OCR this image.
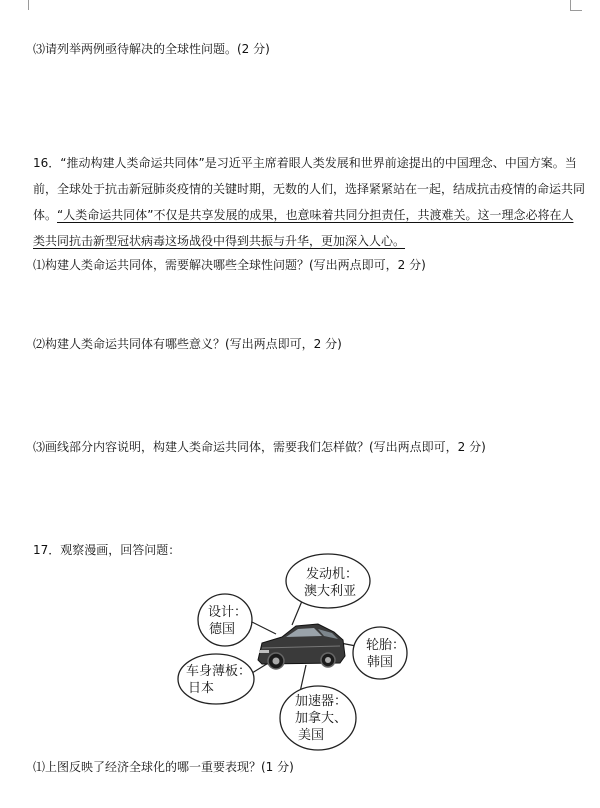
⑶请列举两例亟待解决的全球性问题。(2 分)
16．“推动构建人类命运共同体”是习近平主席着眼人类发展和世界前途提出的中国理念、中国方案。当
前，全球处于抗击新冠肺炎疫情的关键时期，无数的人们，选择紧紧站在一起，结成抗击疫情的命运共同
体。“人类命运共同体”不仅是共享发展的成果，也意味着共同分担责任，共渡难关。这一理念必将在人
类共同抗击新型冠状病毒这场战役中得到共振与升华，更加深入人心。
⑴构建人类命运共同体，需要解决哪些全球性问题？(写出两点即可，2 分)
⑵构建人类命运共同体有哪些意义？(写出两点即可，2 分)
⑶画线部分内容说明，构建人类命运共同体，需要我们怎样做？(写出两点即可，2 分)
17．观察漫画，回答问题：
设计：
德国
发动机：
澳大利亚
轮胎：
韩国
车身薄板：
日本
加速器：
加拿大、
美国
⑴上图反映了经济全球化的哪一重要表现？(1 分)
